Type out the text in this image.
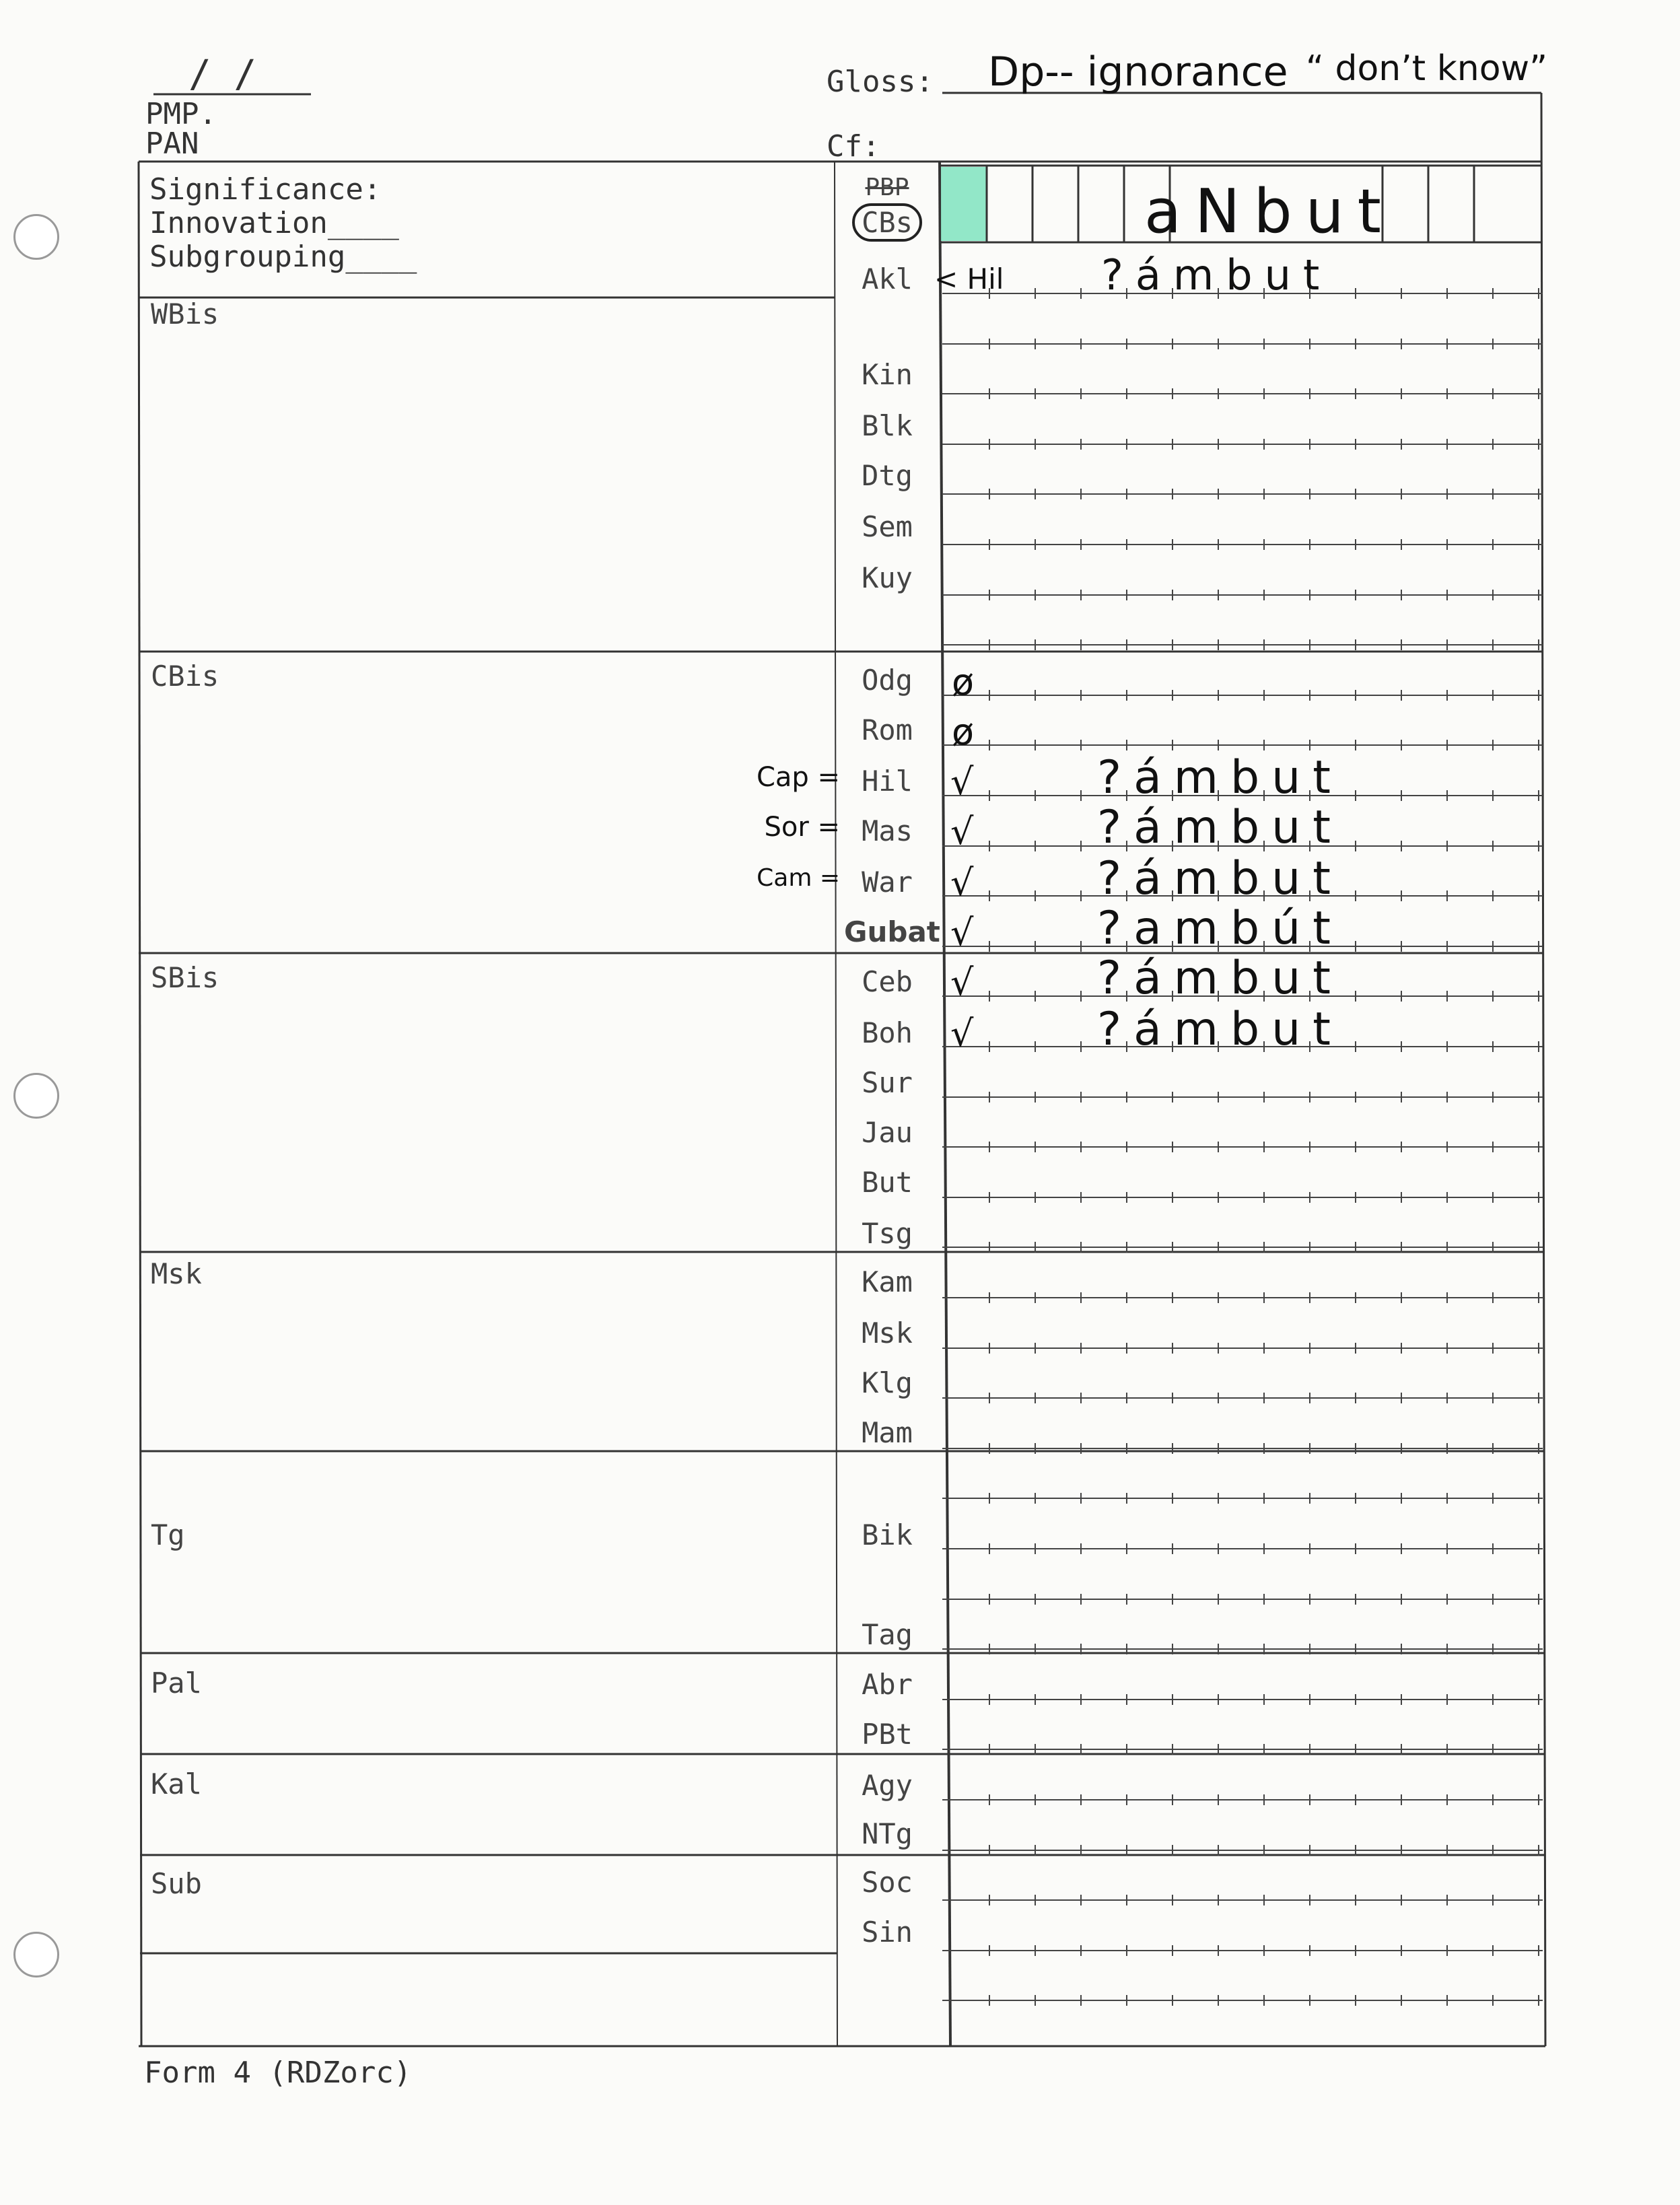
/ /
PMP.
PAN
Gloss: Dp-- ignorance “ don’t know”
Cf:
Significance:
Innovation____
Subgrouping____
PBP
CBs
Akl < Hil
aNbut
WBis
CBis
SBis
Msk
Tg
Pal
Kal
Sub
Kin
Blk
Dtg
Sem
Kuy
Odg
Rom
Hil
Mas
War
Gubat
Ceb
Boh
Sur
Jau
But
Tsg
Kam
Msk
Klg
Mam
Bik
Tag
Abr
PBt
Agy
NTg
Soc
Sin
Cap =
Sor =
Cam =
ø
ø
√
√
√
√
√
√
?ámbut
?ámbut
?ámbut
?ámbut
?ambút
?ámbut
?ámbut
Form 4 (RDZorc)
